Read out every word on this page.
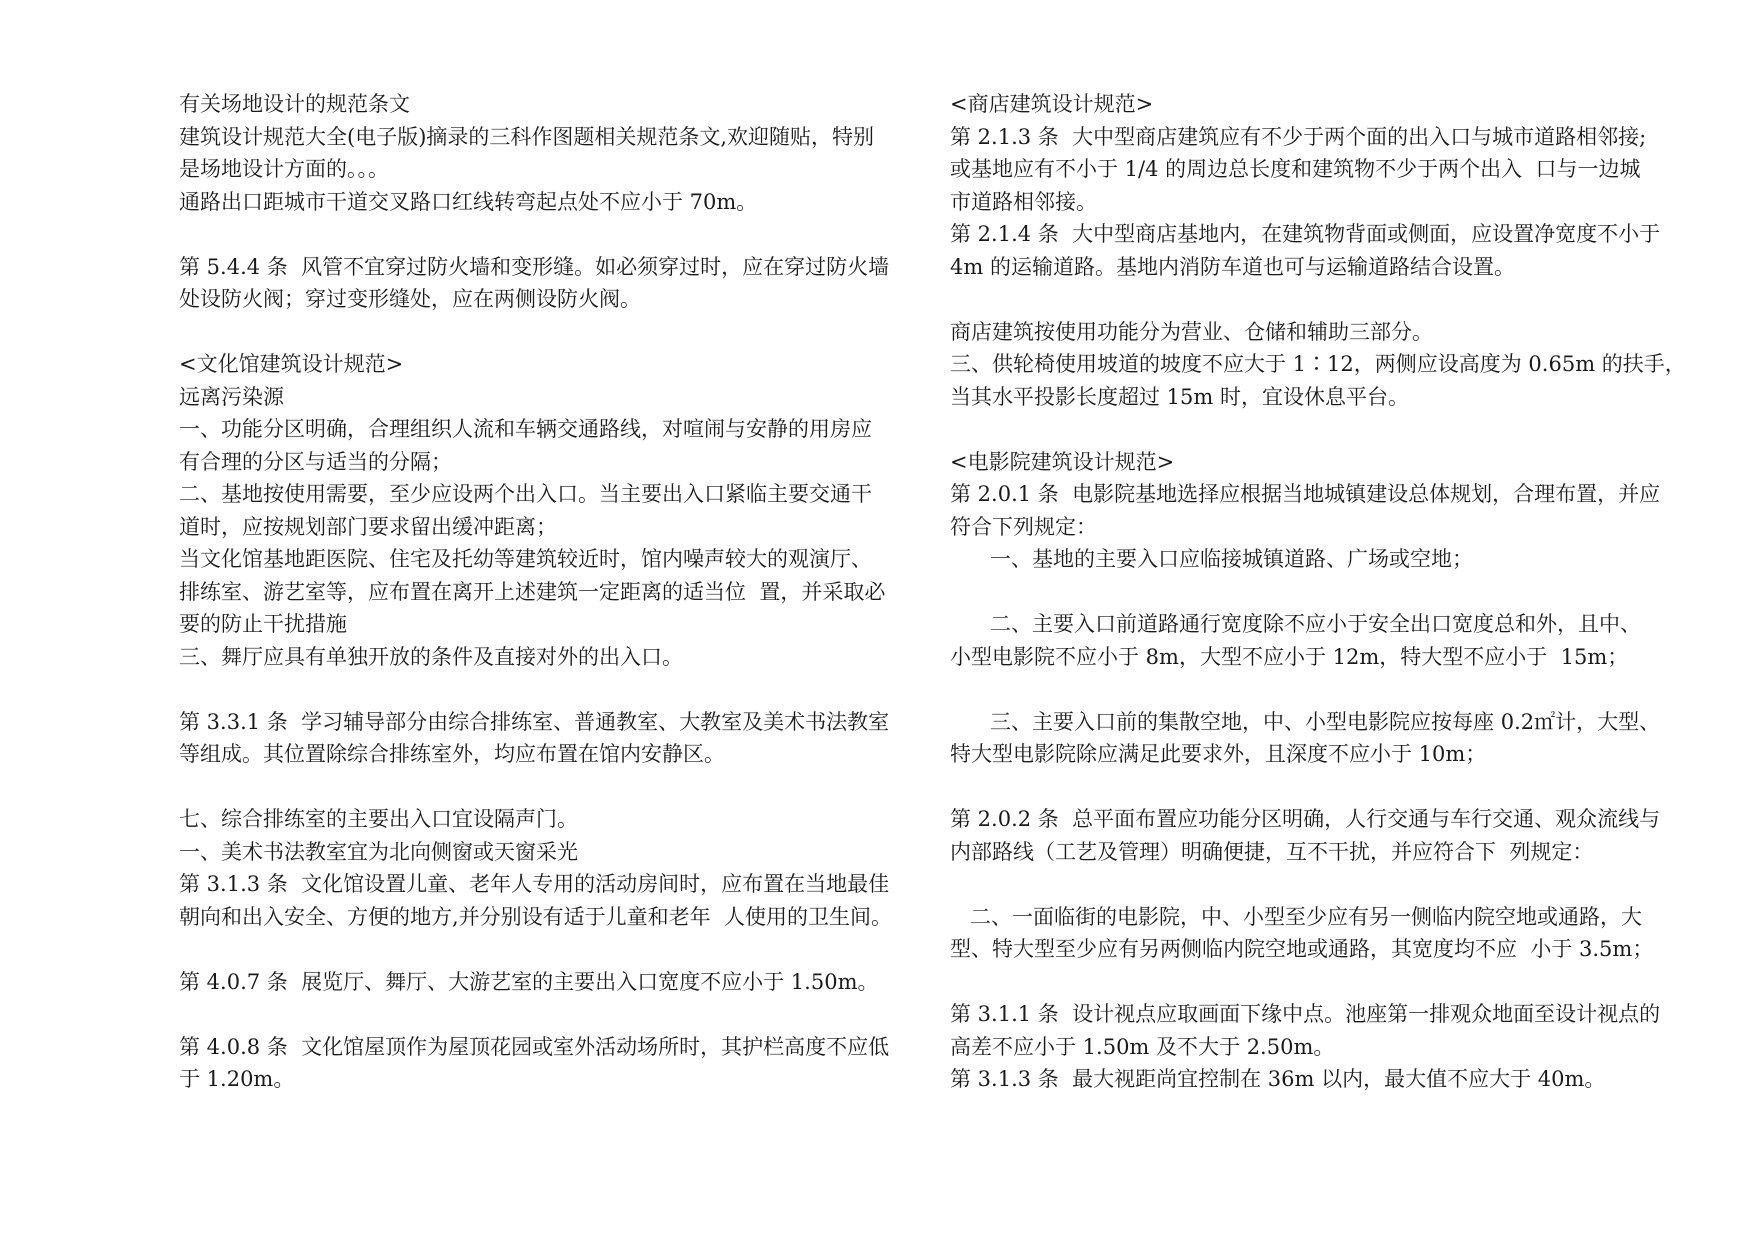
有关场地设计的规范条文
建筑设计规范大全(电子版)摘录的三科作图题相关规范条文,欢迎随贴，特别
是场地设计方面的。。。
通路出口距城市干道交叉路口红线转弯起点处不应小于 70m。
第 5.4.4 条  风管不宜穿过防火墙和变形缝。如必须穿过时，应在穿过防火墙
处设防火阀；穿过变形缝处，应在两侧设防火阀。
<文化馆建筑设计规范>
远离污染源
一、功能分区明确，合理组织人流和车辆交通路线，对喧闹与安静的用房应
有合理的分区与适当的分隔；
二、基地按使用需要，至少应设两个出入口。当主要出入口紧临主要交通干
道时，应按规划部门要求留出缓冲距离；
当文化馆基地距医院、住宅及托幼等建筑较近时，馆内噪声较大的观演厅、
排练室、游艺室等，应布置在离开上述建筑一定距离的适当位  置，并采取必
要的防止干扰措施
三、舞厅应具有单独开放的条件及直接对外的出入口。
第 3.3.1 条  学习辅导部分由综合排练室、普通教室、大教室及美术书法教室
等组成。其位置除综合排练室外，均应布置在馆内安静区。
七、综合排练室的主要出入口宜设隔声门。
一、美术书法教室宜为北向侧窗或天窗采光
第 3.1.3 条  文化馆设置儿童、老年人专用的活动房间时，应布置在当地最佳
朝向和出入安全、方便的地方,并分别设有适于儿童和老年  人使用的卫生间。
第 4.0.7 条  展览厅、舞厅、大游艺室的主要出入口宽度不应小于 1.50m。
第 4.0.8 条  文化馆屋顶作为屋顶花园或室外活动场所时，其护栏高度不应低
于 1.20m。
<商店建筑设计规范>
第 2.1.3 条  大中型商店建筑应有不少于两个面的出入口与城市道路相邻接;
或基地应有不小于 1/4 的周边总长度和建筑物不少于两个出入  口与一边城
市道路相邻接。
第 2.1.4 条  大中型商店基地内，在建筑物背面或侧面，应设置净宽度不小于
4m 的运输道路。基地内消防车道也可与运输道路结合设置。
商店建筑按使用功能分为营业、仓储和辅助三部分。
三、供轮椅使用坡道的坡度不应大于 1∶12，两侧应设高度为 0.65m 的扶手，
当其水平投影长度超过 15m 时，宜设休息平台。
<电影院建筑设计规范>
第 2.0.1 条  电影院基地选择应根据当地城镇建设总体规划，合理布置，并应
符合下列规定：
一、基地的主要入口应临接城镇道路、广场或空地；
二、主要入口前道路通行宽度除不应小于安全出口宽度总和外，且中、
小型电影院不应小于 8m，大型不应小于 12m，特大型不应小于  15m；
三、主要入口前的集散空地，中、小型电影院应按每座 0.2㎡计，大型、
特大型电影院除应满足此要求外，且深度不应小于 10m；
第 2.0.2 条  总平面布置应功能分区明确，人行交通与车行交通、观众流线与
内部路线（工艺及管理）明确便捷，互不干扰，并应符合下  列规定：
二、一面临街的电影院，中、小型至少应有另一侧临内院空地或通路，大
型、特大型至少应有另两侧临内院空地或通路，其宽度均不应  小于 3.5m；
第 3.1.1 条  设计视点应取画面下缘中点。池座第一排观众地面至设计视点的
高差不应小于 1.50m 及不大于 2.50m。
第 3.1.3 条  最大视距尚宜控制在 36m 以内，最大值不应大于 40m。
